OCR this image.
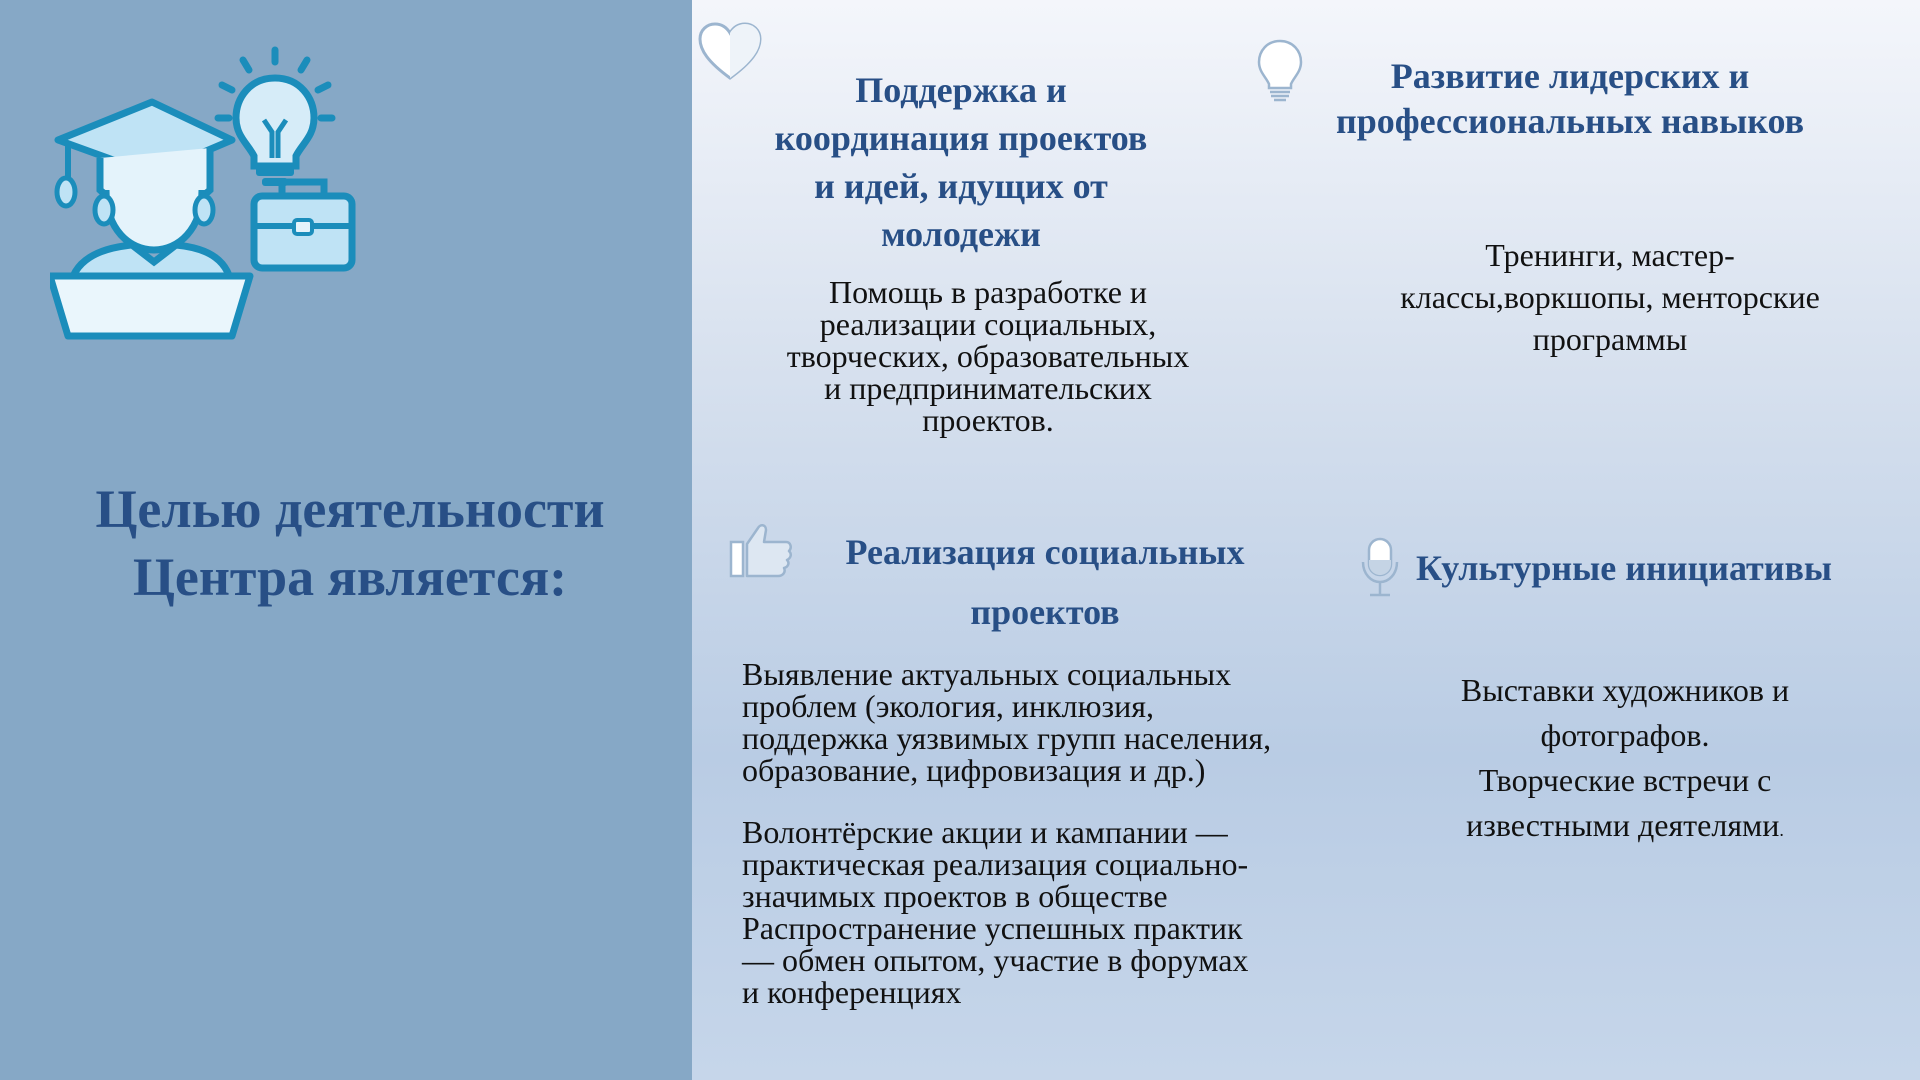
Целью деятельности
Центра является:
Поддержка и
координация проектов
и идей, идущих от
молодежи

Помощь в разработке и
реализации социальных,
творческих, образовательных
и предпринимательских
проектов.

Развитие лидерских и
профессиональных навыков

Тренинги, мастер-
классы,воркшопы, менторские
программы

Реализация социальных
проектов

Выявление актуальных социальных
проблем (экология, инклюзия,
поддержка уязвимых групп населения,
образование, цифровизация и др.)

Волонтёрские акции и кампании —
практическая реализация социально-
значимых проектов в обществе
Распространение успешных практик
— обмен опытом, участие в форумах
и конференциях

Культурные инициативы

Выставки художников и
фотографов.
Творческие встречи с
известными деятелями.
